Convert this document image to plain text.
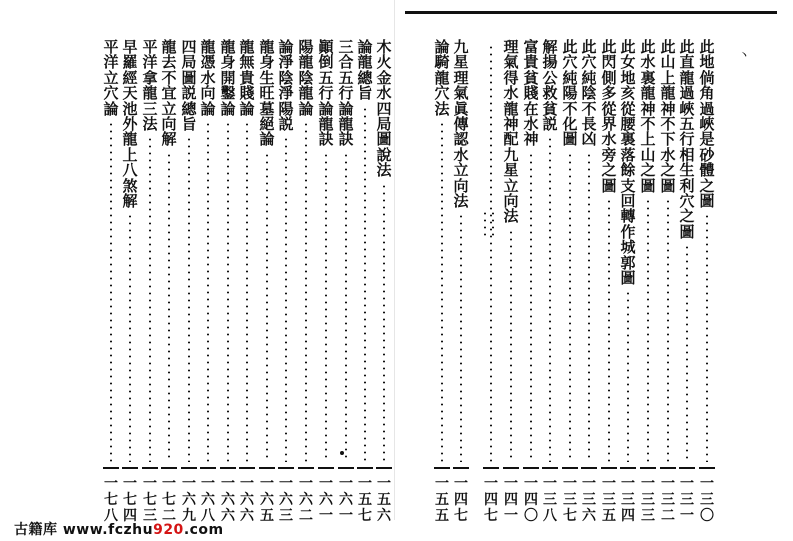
丶
此
地
倘
角
過
峽
是
砂
體
之
圖
一
三
〇
此
直
龍
過
峽
五
行
相
生
利
穴
之
圖
一
三
一
此
山
上
龍
神
不
下
水
之
圖
一
三
二
此
水
裏
龍
神
不
上
山
之
圖
一
三
三
此
女
地
亥
從
腰
裏
落
餘
支
回
轉
作
城
郭
圖
一
三
四
此
閃
側
多
從
界
水
旁
之
圖
一
三
五
此
穴
純
陰
不
長
凶
一
三
六
此
穴
純
陽
不
化
圖
一
三
七
解
揚
公
救
貧
説
一
三
八
富
貴
貧
賤
在
水
神
一
四
〇
理
氣
得
水
龍
神
配
九
星
立
向
法
一
四
一
一
四
七
九
星
理
氣
眞
傳
認
水
立
向
法
一
四
七
論
騎
龍
穴
法
一
五
五
木
火
金
水
四
局
圖
說
法
一
五
六
論
龍
總
旨
一
五
七
三
合
五
行
論
龍
訣
一
六
一
顚
倒
五
行
論
龍
訣
一
六
一
陽
龍
陰
龍
論
一
六
二
論
淨
陰
淨
陽
説
一
六
三
龍
身
生
旺
墓
絕
論
一
六
五
龍
無
貴
賤
論
一
六
六
龍
身
開
鑿
論
一
六
六
龍
憑
水
向
論
一
六
八
四
局
圖
説
總
旨
一
六
九
龍
去
不
宜
立
向
解
一
七
二
平
洋
拿
龍
三
法
一
七
三
早
羅
經
天
池
外
龍
上
八
煞
解
一
七
四
平
洋
立
穴
論
一
七
八
古籍库 www.fczhu920.com
